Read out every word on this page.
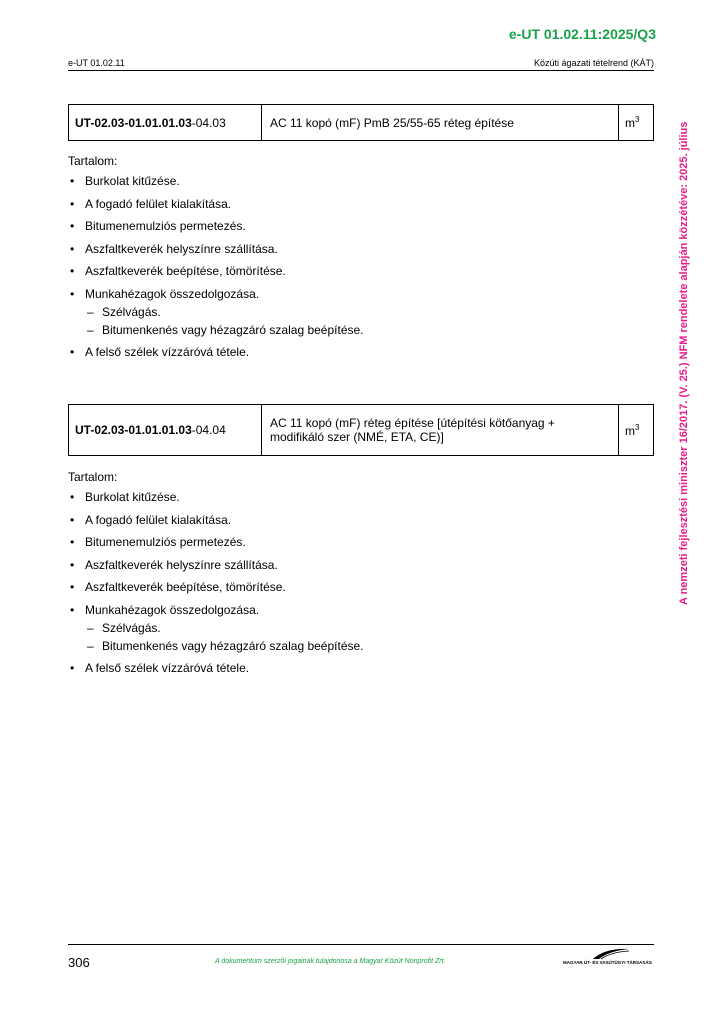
e-UT 01.02.11:2025/Q3
e-UT 01.02.11	Közúti ágazati tételrend (KÁT)
A nemzeti fejlesztési miniszter 16/2017. (V. 25.) NFM rendelete alapján közzétéve: 2025. július
UT-02.03-01.01.01.03-04.03	AC 11 kopó (mF) PmB 25/55-65 réteg építése	$m^3$
Tartalom:
• Burkolat kitűzése.
• A fogadó felület kialakítása.
• Bitumenemulziós permetezés.
• Aszfaltkeverék helyszínre szállítása.
• Aszfaltkeverék beépítése, tömörítése.
• Munkahézagok összedolgozása.
– Szélvágás.
– Bitumenkenés vagy hézagzáró szalag beépítése.
• A felső szélek vízzáróvá tétele.
UT-02.03-01.01.01.03-04.04	AC 11 kopó (mF) réteg építése [útépítési kötőanyag + modifikáló szer (NMÉ, ETA, CE)]	$m^3$
Tartalom:
• Burkolat kitűzése.
• A fogadó felület kialakítása.
• Bitumenemulziós permetezés.
• Aszfaltkeverék helyszínre szállítása.
• Aszfaltkeverék beépítése, tömörítése.
• Munkahézagok összedolgozása.
– Szélvágás.
– Bitumenkenés vagy hézagzáró szalag beépítése.
• A felső szélek vízzáróvá tétele.
306	A dokumentum szerzői jogainak tulajdonosa a Magyar Közút Nonprofit Zrt.	MAGYAR ÚT- ÉS VASÚTÜGYI TÁRSASÁG
